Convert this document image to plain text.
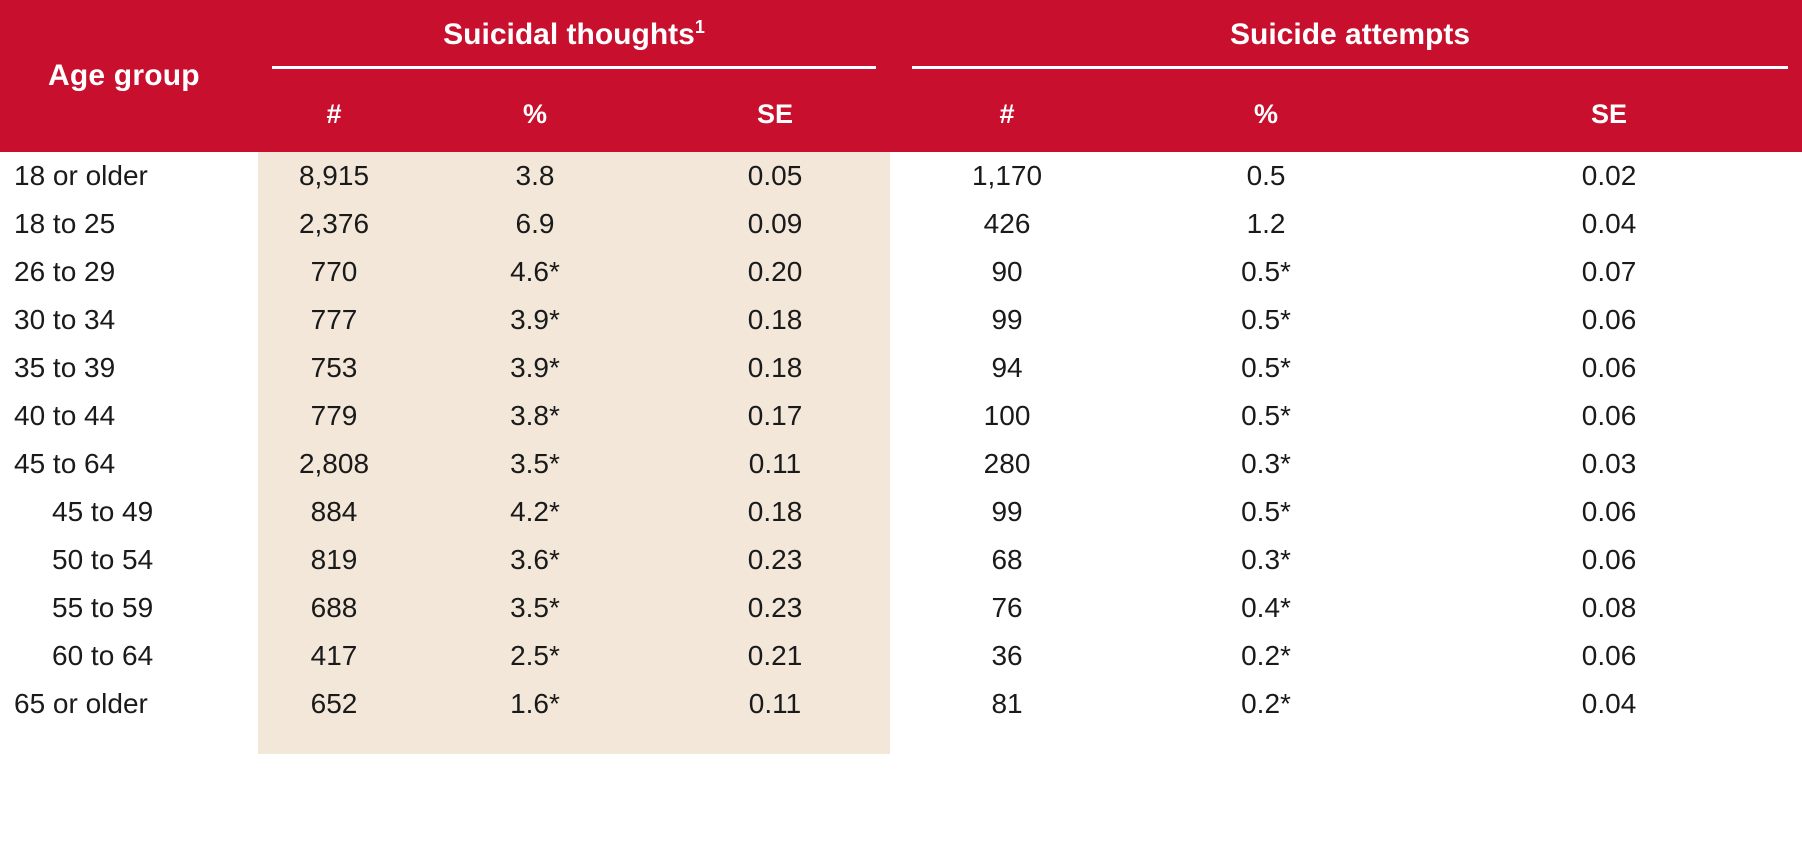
Age group	Suicidal thoughts$^1$				Suicide attempts		

	#	%	SE		#	%	SE
18 or older	8,915	3.8	0.05		1,170	0.5	0.02
18 to 25	2,376	6.9	0.09		426	1.2	0.04
26 to 29	770	4.6*	0.20		90	0.5*	0.07
30 to 34	777	3.9*	0.18		99	0.5*	0.06
35 to 39	753	3.9*	0.18		94	0.5*	0.06
40 to 44	779	3.8*	0.17		100	0.5*	0.06
45 to 64	2,808	3.5*	0.11		280	0.3*	0.03
45 to 49	884	4.2*	0.18		99	0.5*	0.06
50 to 54	819	3.6*	0.23		68	0.3*	0.06
55 to 59	688	3.5*	0.23		76	0.4*	0.08
60 to 64	417	2.5*	0.21		36	0.2*	0.06
65 or older	652	1.6*	0.11		81	0.2*	0.04
